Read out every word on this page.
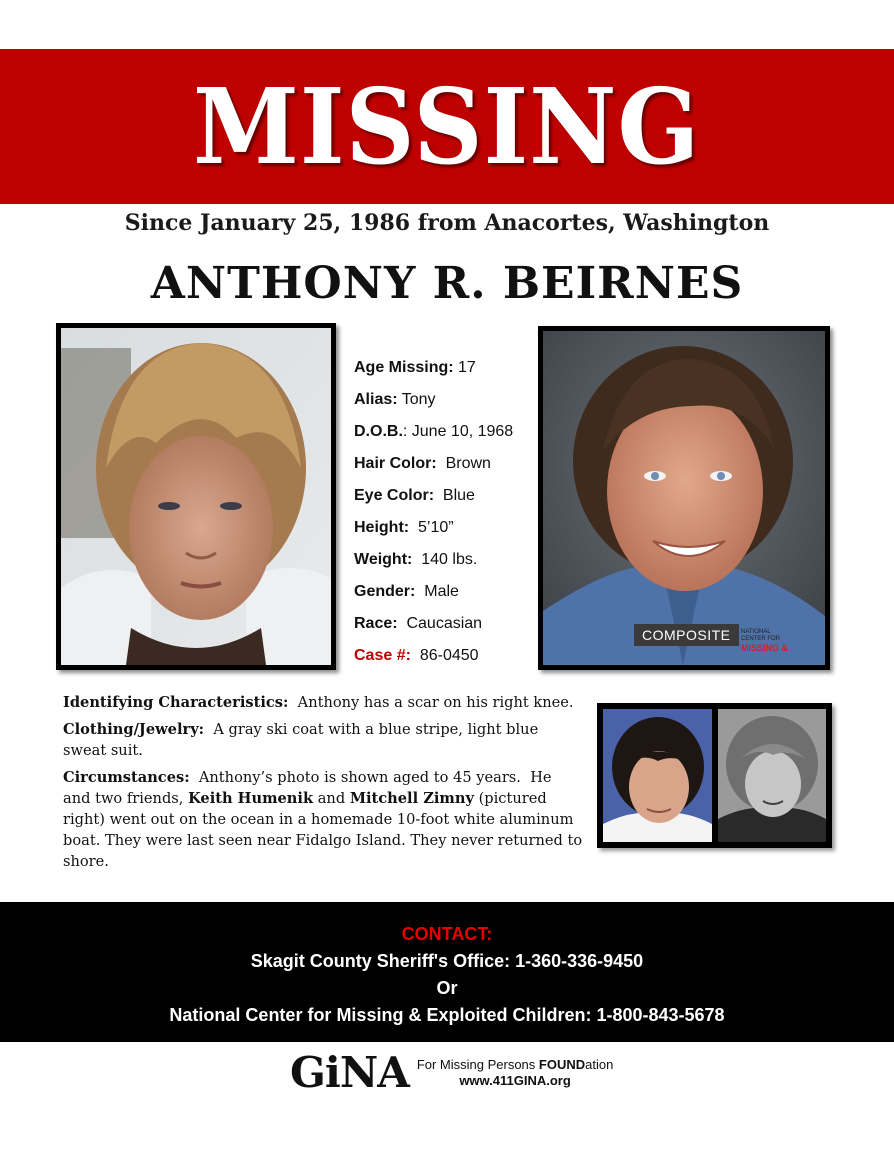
MISSING
Since January 25, 1986 from Anacortes, Washington
ANTHONY R. BEIRNES
Age Missing: 17
Alias: Tony
D.O.B.: June 10, 1968
Hair Color:  Brown
Eye Color:  Blue
Height:  5’10”
Weight:  140 lbs.
Gender:  Male
Race:  Caucasian
Case #:  86-0450
COMPOSITE	NATIONAL
CENTER FOR
MISSING &

Identifying Characteristics:  Anthony has a scar on his right knee.

Clothing/Jewelry:  A gray ski coat with a blue stripe, light blue sweat suit.

Circumstances:  Anthony’s photo is shown aged to 45 years.  He and two friends, Keith Humenik and Mitchell Zimny (pictured right) went out on the ocean in a homemade 10-foot white aluminum boat. They were last seen near Fidalgo Island. They never returned to shore.

CONTACT:
Skagit County Sheriff's Office: 1-360-336-9450
Or
National Center for Missing & Exploited Children: 1-800-843-5678
GiNA For Missing Persons FOUNDation
www.411GINA.org
